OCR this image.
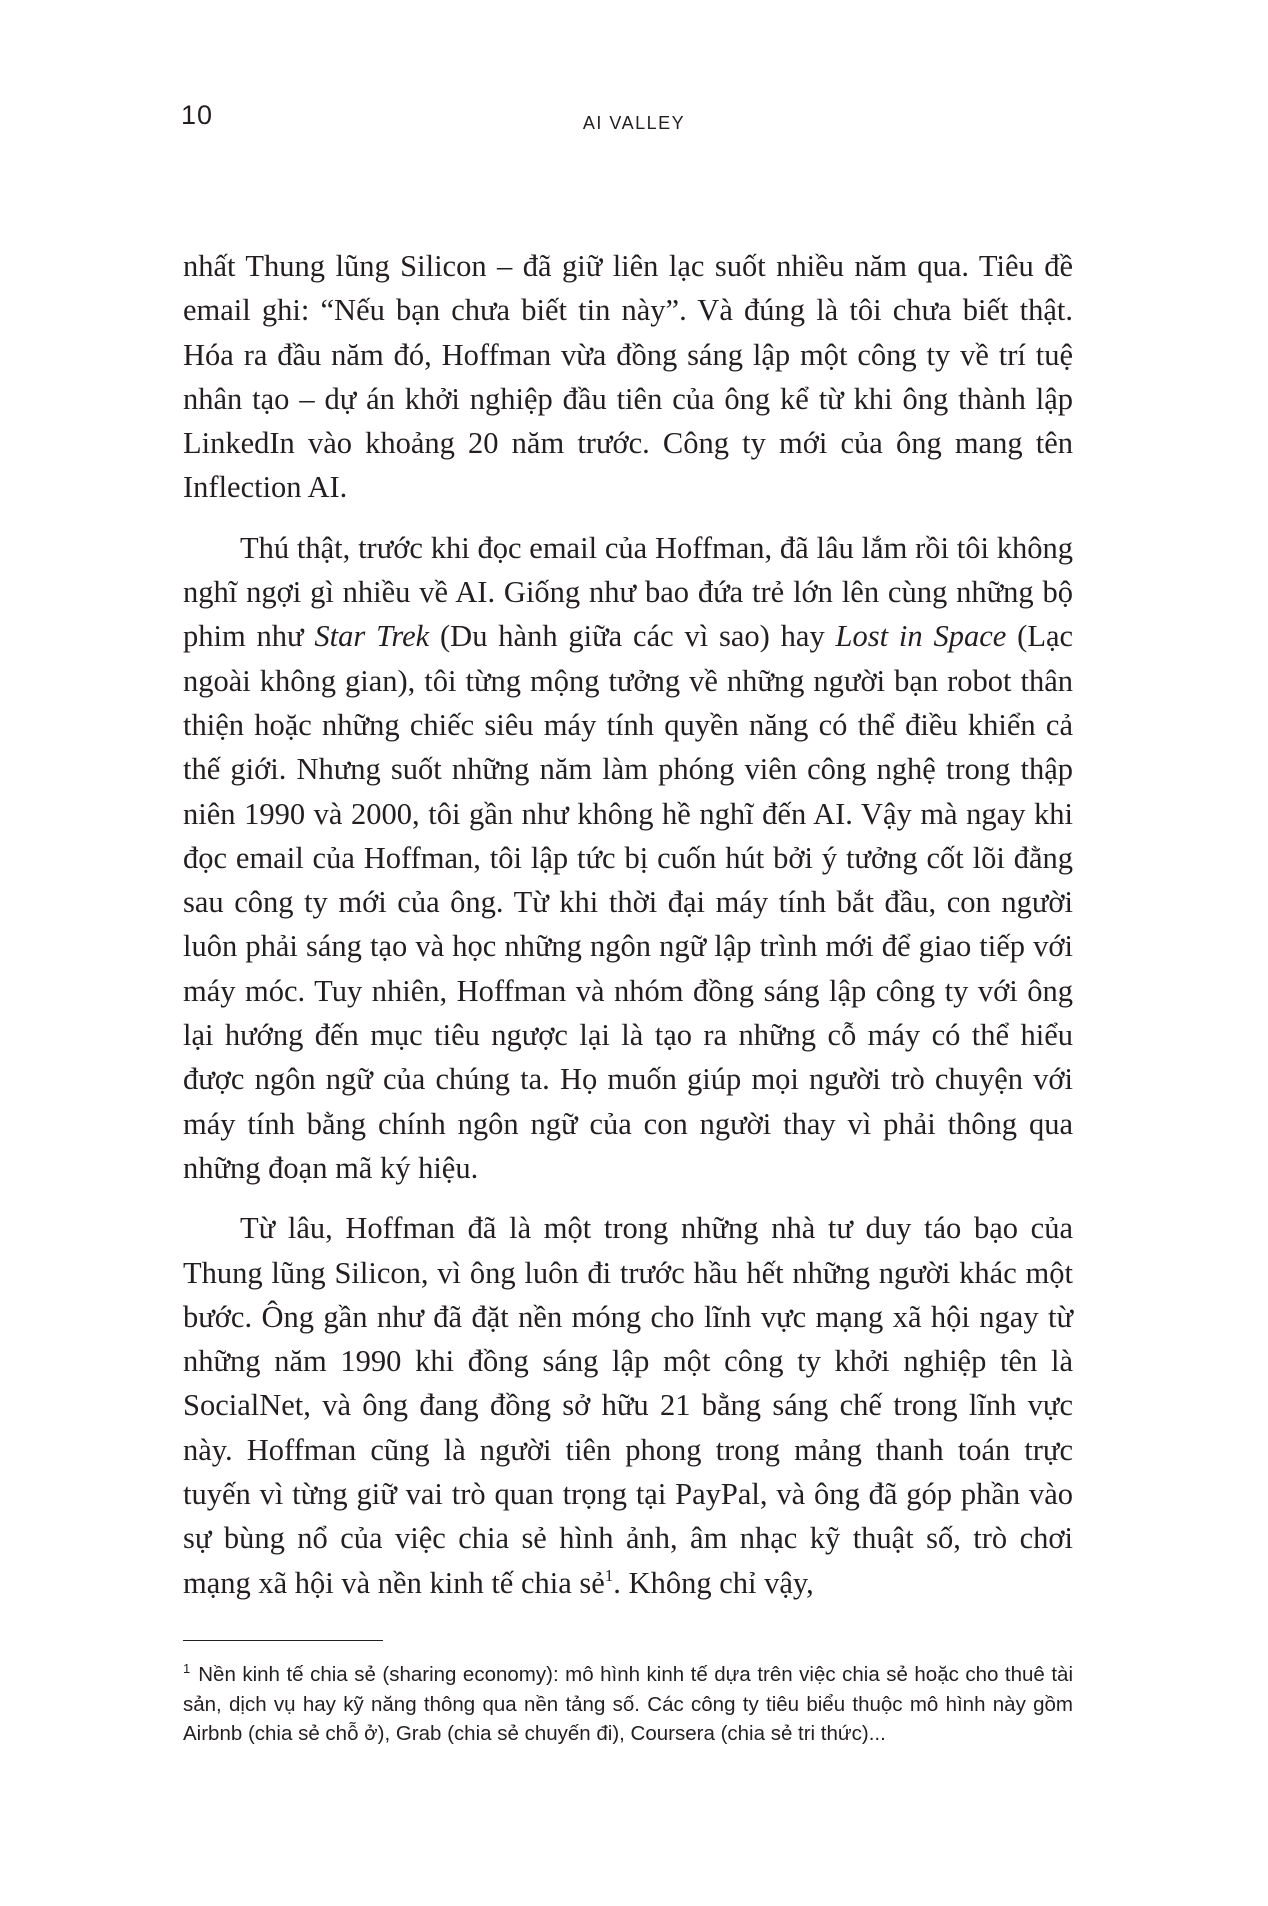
10	AI VALLEY

nhất Thung lũng Silicon – đã giữ liên lạc suốt nhiều năm qua. Tiêu đề email ghi: “Nếu bạn chưa biết tin này”. Và đúng là tôi chưa biết thật. Hóa ra đầu năm đó, Hoffman vừa đồng sáng lập một công ty về trí tuệ nhân tạo – dự án khởi nghiệp đầu tiên của ông kể từ khi ông thành lập LinkedIn vào khoảng 20 năm trước. Công ty mới của ông mang tên Inflection AI.

Thú thật, trước khi đọc email của Hoffman, đã lâu lắm rồi tôi không nghĩ ngợi gì nhiều về AI. Giống như bao đứa trẻ lớn lên cùng những bộ phim như Star Trek (Du hành giữa các vì sao) hay Lost in Space (Lạc ngoài không gian), tôi từng mộng tưởng về những người bạn robot thân thiện hoặc những chiếc siêu máy tính quyền năng có thể điều khiển cả thế giới. Nhưng suốt những năm làm phóng viên công nghệ trong thập niên 1990 và 2000, tôi gần như không hề nghĩ đến AI. Vậy mà ngay khi đọc email của Hoffman, tôi lập tức bị cuốn hút bởi ý tưởng cốt lõi đằng sau công ty mới của ông. Từ khi thời đại máy tính bắt đầu, con người luôn phải sáng tạo và học những ngôn ngữ lập trình mới để giao tiếp với máy móc. Tuy nhiên, Hoffman và nhóm đồng sáng lập công ty với ông lại hướng đến mục tiêu ngược lại là tạo ra những cỗ máy có thể hiểu được ngôn ngữ của chúng ta. Họ muốn giúp mọi người trò chuyện với máy tính bằng chính ngôn ngữ của con người thay vì phải thông qua những đoạn mã ký hiệu.

Từ lâu, Hoffman đã là một trong những nhà tư duy táo bạo của Thung lũng Silicon, vì ông luôn đi trước hầu hết những người khác một bước. Ông gần như đã đặt nền móng cho lĩnh vực mạng xã hội ngay từ những năm 1990 khi đồng sáng lập một công ty khởi nghiệp tên là SocialNet, và ông đang đồng sở hữu 21 bằng sáng chế trong lĩnh vực này. Hoffman cũng là người tiên phong trong mảng thanh toán trực tuyến vì từng giữ vai trò quan trọng tại PayPal, và ông đã góp phần vào sự bùng nổ của việc chia sẻ hình ảnh, âm nhạc kỹ thuật số, trò chơi mạng xã hội và nền kinh tế chia sẻ$^1$. Không chỉ vậy,

$^1$ Nền kinh tế chia sẻ (sharing economy): mô hình kinh tế dựa trên việc chia sẻ hoặc cho thuê tài sản, dịch vụ hay kỹ năng thông qua nền tảng số. Các công ty tiêu biểu thuộc mô hình này gồm Airbnb (chia sẻ chỗ ở), Grab (chia sẻ chuyến đi), Coursera (chia sẻ tri thức)...
